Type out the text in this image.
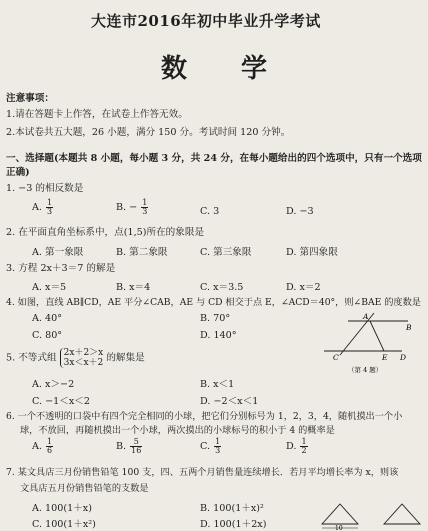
大连市2016年初中毕业升学考试
数　学
注意事项：
1.请在答题卡上作答，在试卷上作答无效。
2.本试卷共五大题，26 小题，满分 150 分。考试时间 120 分钟。
一、选择题(本题共 8 小题，每小题 3 分，共 24 分，在每小题给出的四个选项中，只有一个选项
正确)
1. −3 的相反数是
A. $\frac{1}{3}$	B. − $\frac{1}{3}$	C. 3	D. −3
2. 在平面直角坐标系中，点(1,5)所在的象限是
A. 第一象限	B. 第二象限	C. 第三象限	D. 第四象限
3. 方程 2x＋3＝7 的解是
A. x＝5	B. x＝4	C. x＝3.5	D. x＝2
4. 如图，直线 AB∥CD，AE 平分∠CAB，AE 与 CD 相交于点 E，∠ACD＝40°，则∠BAE 的度数是
A. 40°	B. 70°
C. 80°	D. 140°
A
B
C	E D
（第 4 题）
5. 不等式组 2x＋2＞x
3x＜x＋2 的解集是
A. x＞−2	B. x＜1
C. −1＜x＜2	D. −2＜x＜1
6. 一个不透明的口袋中有四个完全相同的小球，把它们分别标号为 1，2，3，4，随机摸出一个小
球，不放回，再随机摸出一个小球，两次摸出的小球标号的积小于 4 的概率是
A. $\frac{1}{6}$	B. $\frac{5}{16}$	C. $\frac{1}{3}$	D. $\frac{1}{2}$
7. 某文具店三月份销售铅笔 100 支，四、五两个月销售量连续增长．若月平均增长率为 x，则该
文具店五月份销售铅笔的支数是
A. 100(1＋x)	B. 100(1＋x)²
C. 100(1＋x²)	D. 100(1＋2x)	10
